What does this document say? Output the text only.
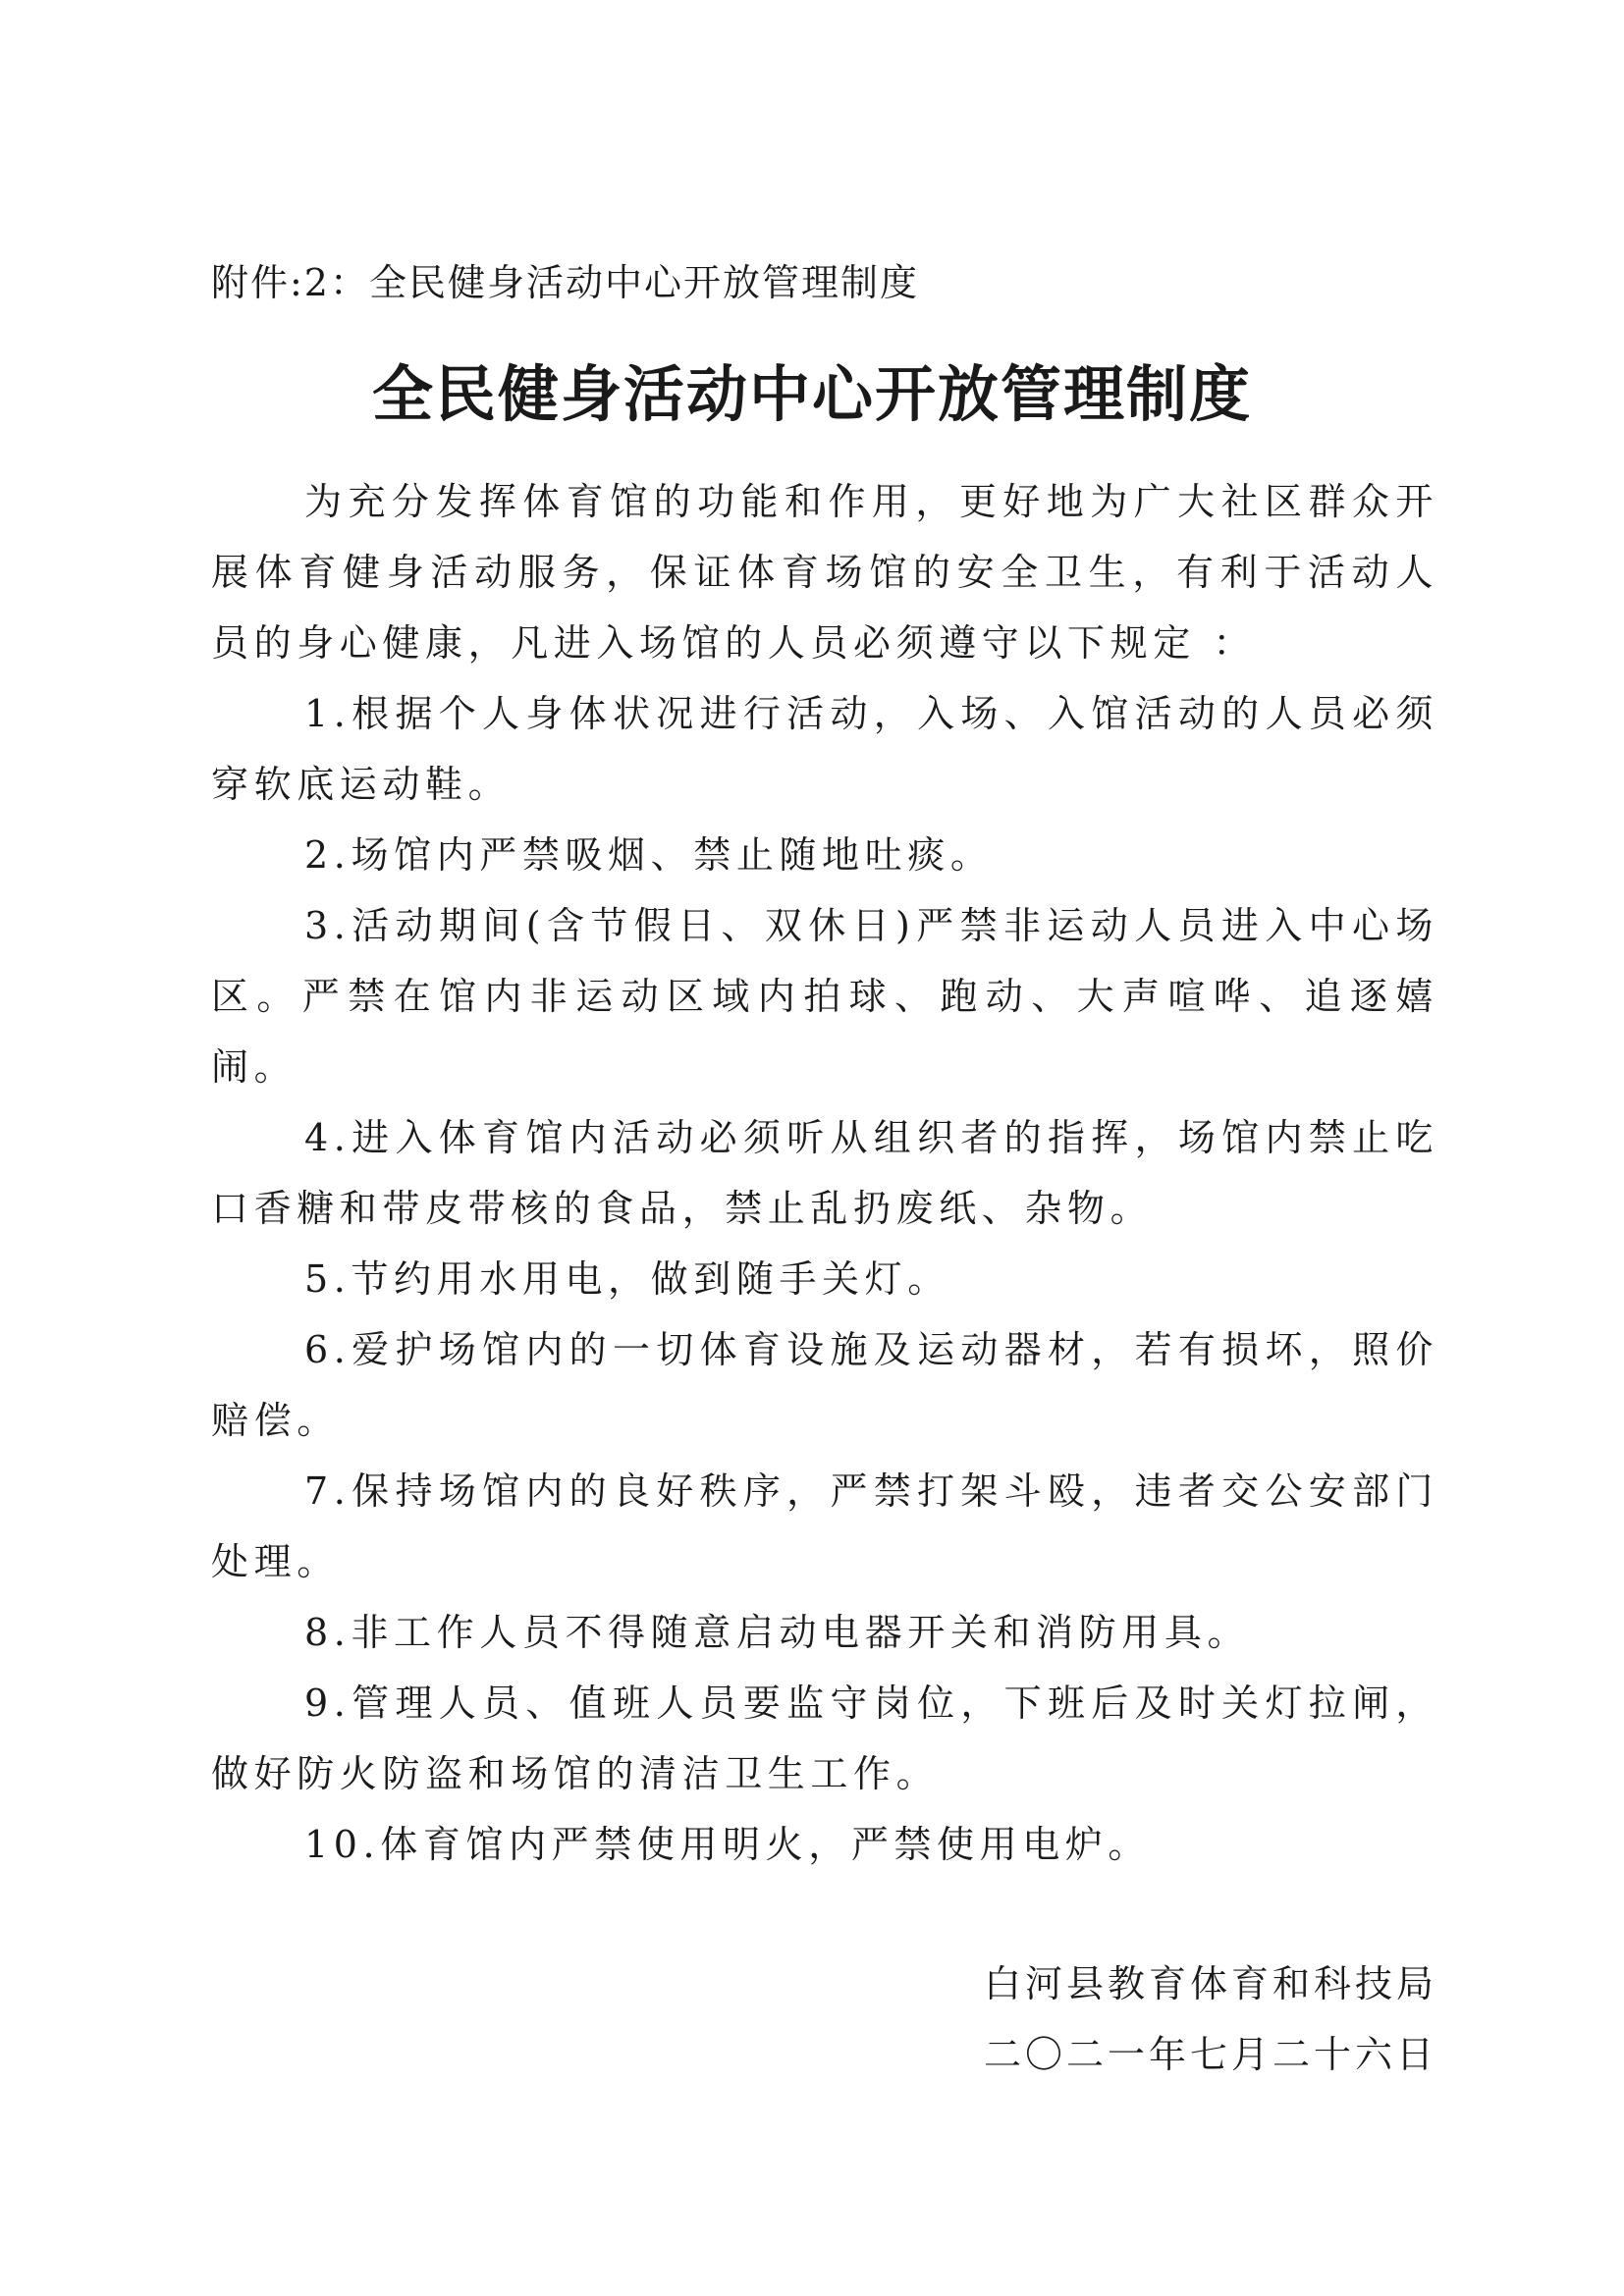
附件:2：全民健身活动中心开放管理制度
全民健身活动中心开放管理制度

为充分发挥体育馆的功能和作用，更好地为广大社区群众开展体育健身活动服务，保证体育场馆的安全卫生，有利于活动人员的身心健康，凡进入场馆的人员必须遵守以下规定 ：

1.根据个人身体状况进行活动，入场、入馆活动的人员必须穿软底运动鞋。

2.场馆内严禁吸烟、禁止随地吐痰。

3.活动期间(含节假日、双休日)严禁非运动人员进入中心场区。严禁在馆内非运动区域内拍球、跑动、大声喧哗、追逐嬉闹。

4.进入体育馆内活动必须听从组织者的指挥，场馆内禁止吃口香糖和带皮带核的食品，禁止乱扔废纸、杂物。

5.节约用水用电，做到随手关灯。

6.爱护场馆内的一切体育设施及运动器材，若有损坏，照价赔偿。

7.保持场馆内的良好秩序，严禁打架斗殴，违者交公安部门处理。

8.非工作人员不得随意启动电器开关和消防用具。

9.管理人员、值班人员要监守岗位，下班后及时关灯拉闸，做好防火防盗和场馆的清洁卫生工作。

10.体育馆内严禁使用明火，严禁使用电炉。

白河县教育体育和科技局
二〇二一年七月二十六日
